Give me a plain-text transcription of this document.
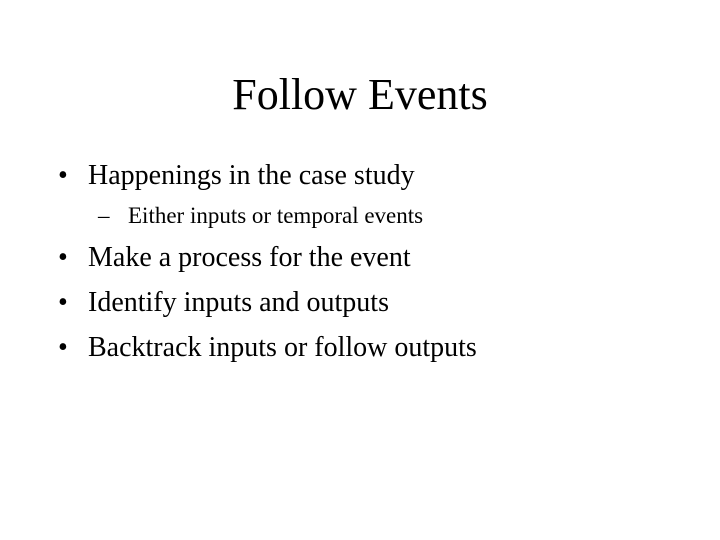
Follow Events
• Happenings in the case study
– Either inputs or temporal events
• Make a process for the event
• Identify inputs and outputs
• Backtrack inputs or follow outputs
